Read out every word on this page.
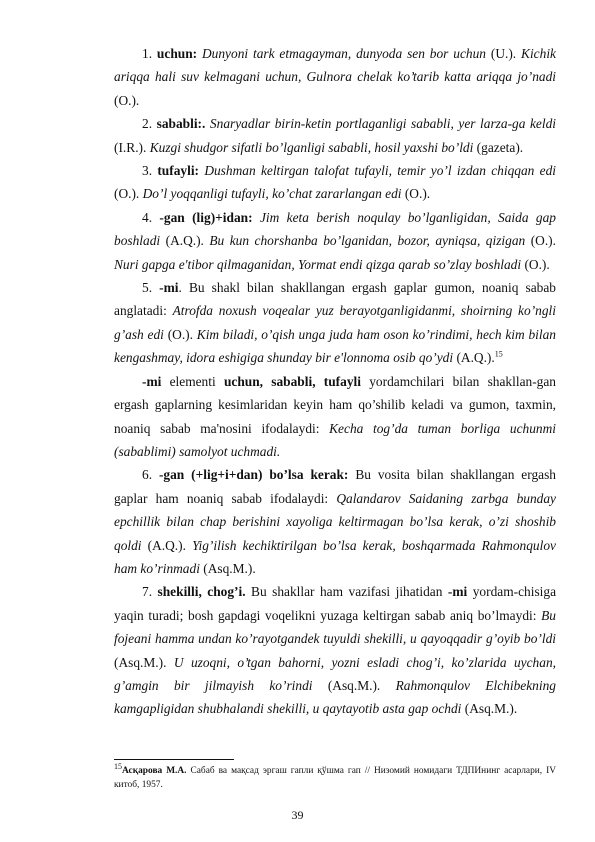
1. uchun: Dunyoni tark etmagayman, dunyoda sen bor uchun (U.). Kichik ariqqa hali suv kelmagani uchun, Gulnora chelak ko’tarib katta ariqqa jo’nadi (O.).

2. sababli:. Snaryadlar birin-ketin portlaganligi sababli, yer larza-ga keldi (I.R.). Kuzgi shudgor sifatli bo’lganligi sababli, hosil yaxshi bo’ldi (gazeta).

3. tufayli: Dushman keltirgan talofat tufayli, temir yo’l izdan chiqqan edi (O.). Do’l yoqqanligi tufayli, ko’chat zararlangan edi (O.).

4. -gan (lig)+idan: Jim keta berish noqulay bo’lganligidan, Saida gap boshladi (A.Q.). Bu kun chorshanba bo’lganidan, bozor, ayniqsa, qizigan (O.). Nuri gapga e'tibor qilmaganidan, Yormat endi qizga qarab so’zlay boshladi (O.).

5. -mi. Bu shakl bilan shakllangan ergash gaplar gumon, noaniq sabab anglatadi: Atrofda noxush voqealar yuz berayotganligidanmi, shoirning ko’ngli g’ash edi (O.). Kim biladi, o’qish unga juda ham oson ko’rindimi, hech kim bilan kengashmay, idora eshigiga shunday bir e'lonnoma osib qo’ydi (A.Q.).$^{15}$

-mi elementi uchun, sababli, tufayli yordamchilari bilan shakllan-gan ergash gaplarning kesimlaridan keyin ham qo’shilib keladi va gumon, taxmin, noaniq sabab ma'nosini ifodalaydi: Kecha tog’da tuman borliga uchunmi (sabablimi) samolyot uchmadi.

6. -gan (+lig+i+dan) bo’lsa kerak: Bu vosita bilan shakllangan ergash gaplar ham noaniq sabab ifodalaydi: Qalandarov Saidaning zarbga bunday epchillik bilan chap berishini xayoliga keltirmagan bo’lsa kerak, o’zi shoshib qoldi (A.Q.). Yig’ilish kechiktirilgan bo’lsa kerak, boshqarmada Rahmonqulov ham ko’rinmadi (Asq.M.).

7. shekilli, chog’i. Bu shakllar ham vazifasi jihatidan -mi yordam-chisiga yaqin turadi; bosh gapdagi voqelikni yuzaga keltirgan sabab aniq bo’lmaydi: Bu fojeani hamma undan ko’rayotgandek tuyuldi shekilli, u qayoqqadir g’oyib bo’ldi (Asq.M.). U uzoqni, o’tgan bahorni, yozni esladi chog’i, ko’zlarida uychan, g’amgin bir jilmayish ko’rindi (Asq.M.). Rahmonqulov Elchibekning kamgapligidan shubhalandi shekilli, u qaytayotib asta gap ochdi (Asq.M.).

$^{15}$Асқарова М.А. Сабаб ва мақсад эргаш гапли қўшма гап // Низомий номидаги ТДПИнинг асарлари, IV китоб, 1957.
39
